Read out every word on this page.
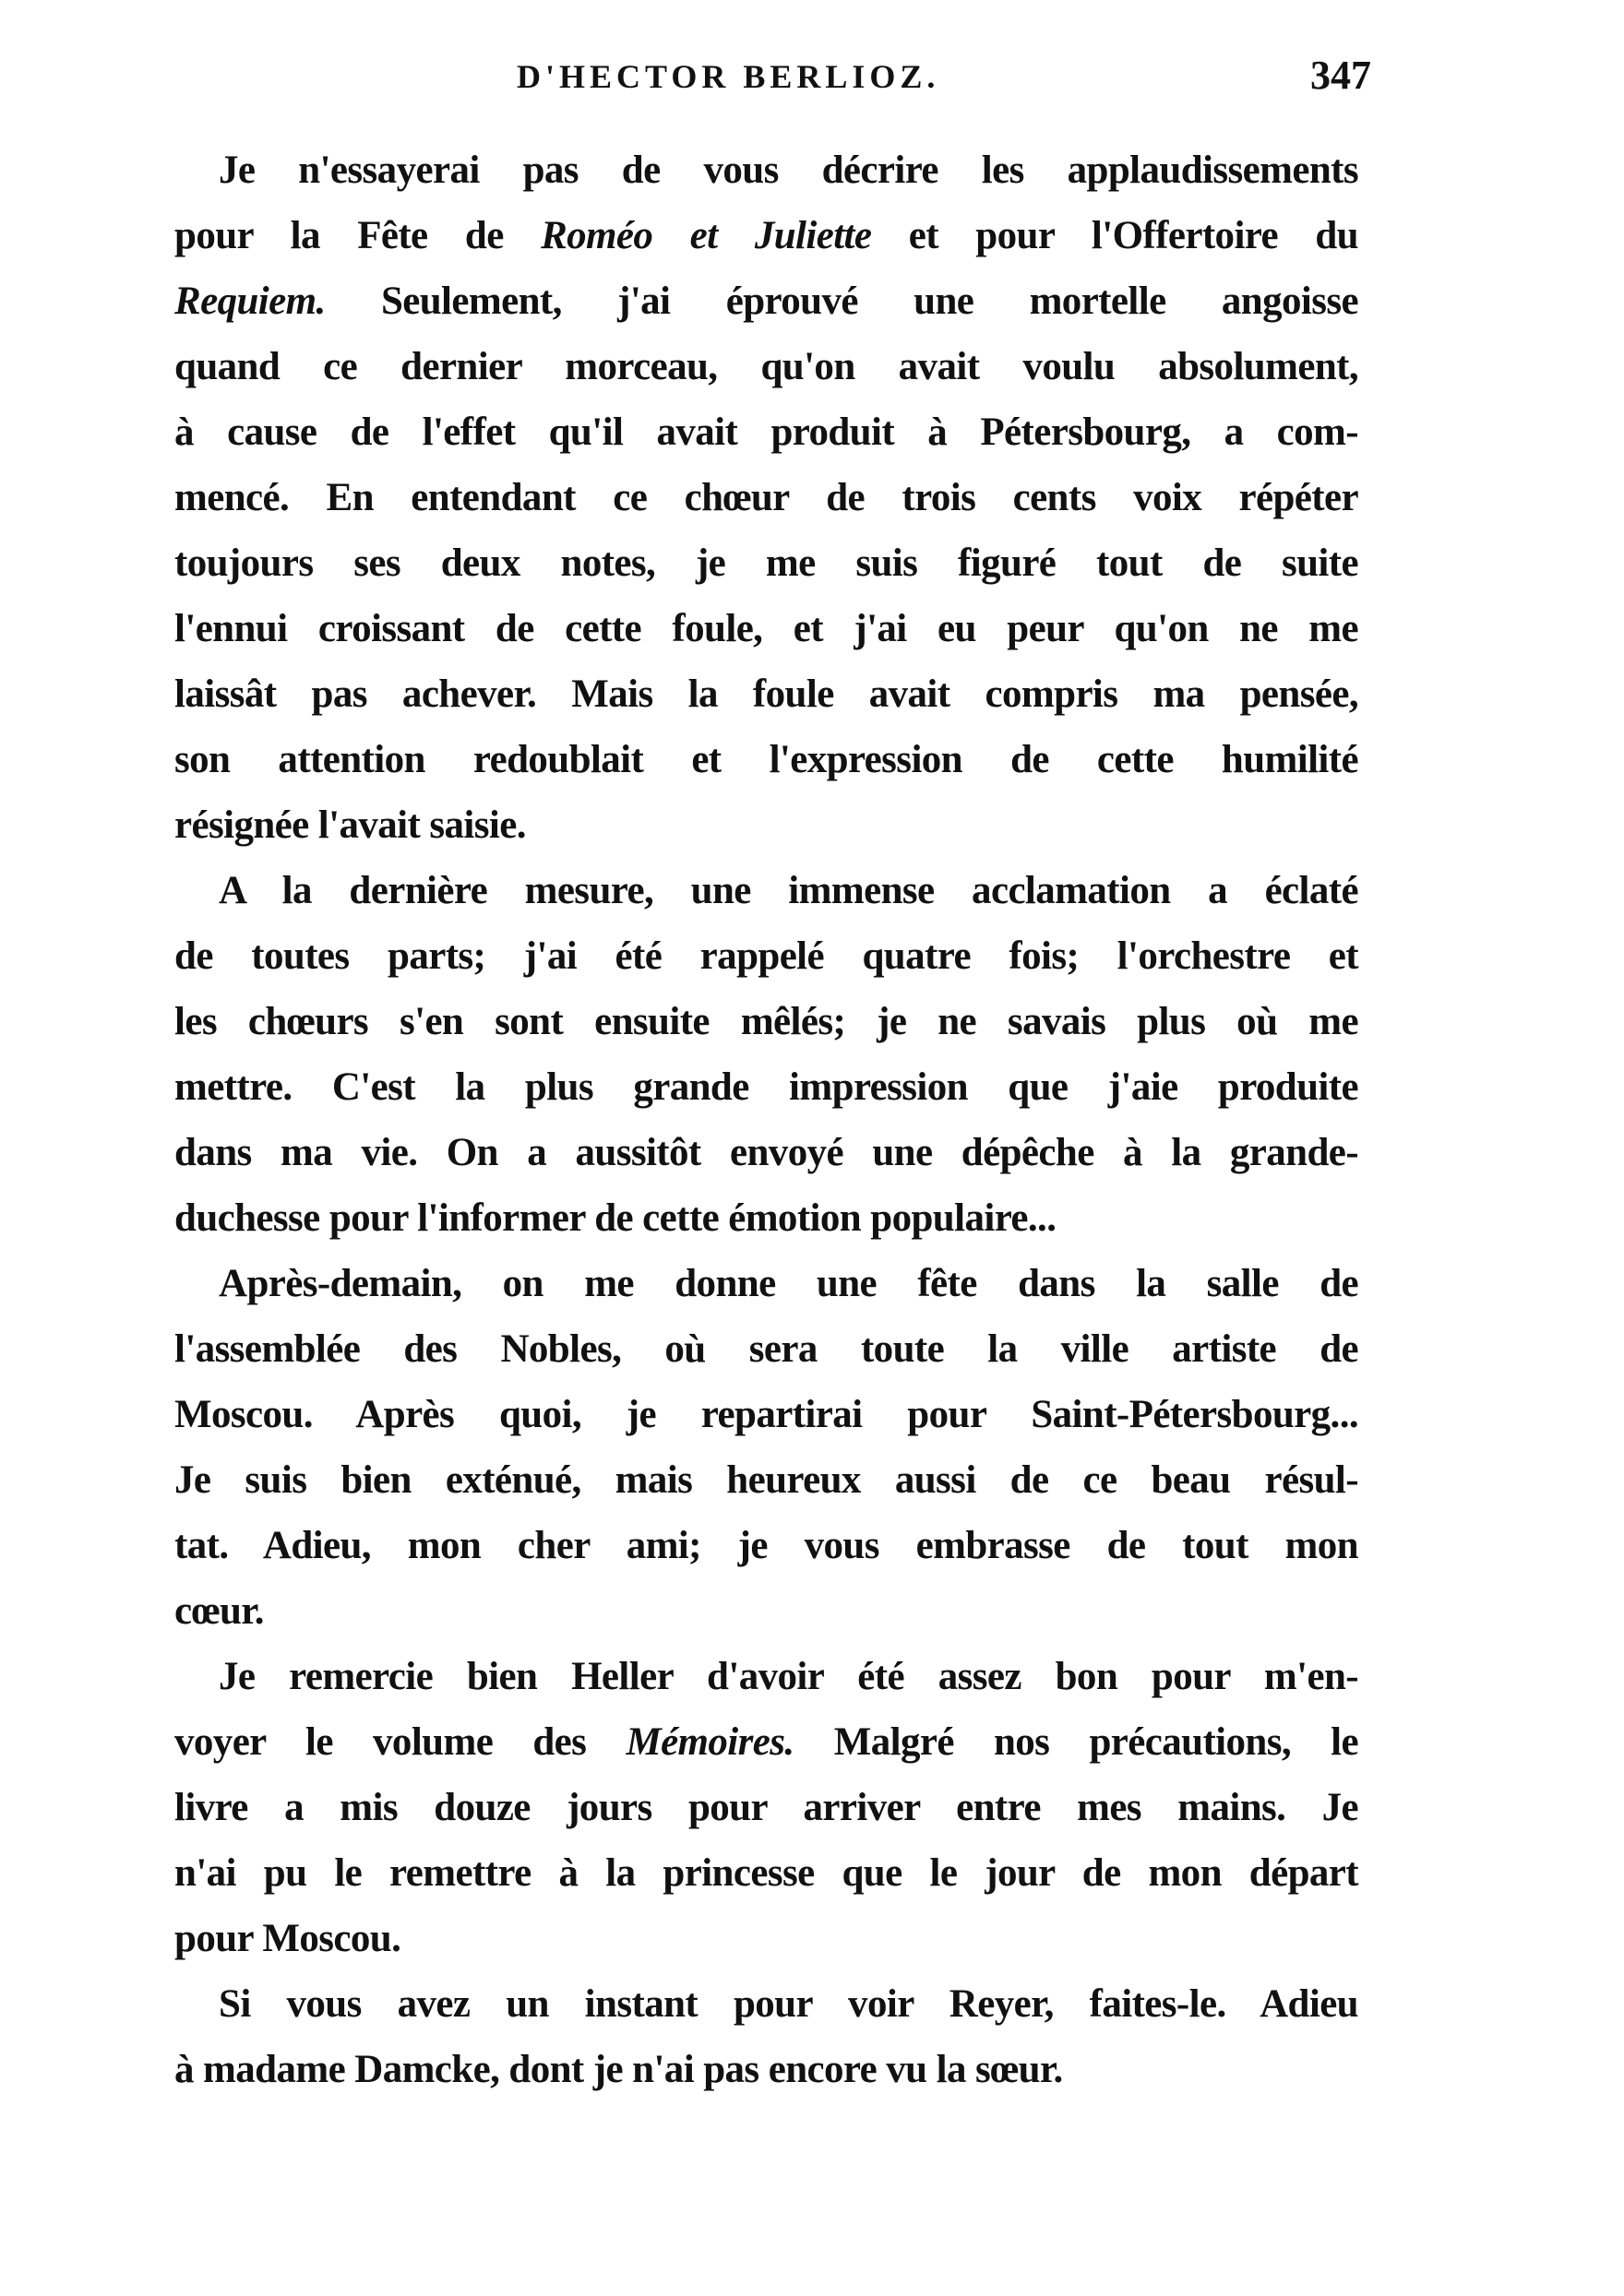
D'HECTOR BERLIOZ.	347
Je n'essayerai pas de vous décrire les applaudissements
pour la Fête de Roméo et Juliette et pour l'Offertoire du
Requiem. Seulement, j'ai éprouvé une mortelle angoisse
quand ce dernier morceau, qu'on avait voulu absolument,
à cause de l'effet qu'il avait produit à Pétersbourg, a com-
mencé. En entendant ce chœur de trois cents voix répéter
toujours ses deux notes, je me suis figuré tout de suite
l'ennui croissant de cette foule, et j'ai eu peur qu'on ne me
laissât pas achever. Mais la foule avait compris ma pensée,
son attention redoublait et l'expression de cette humilité
résignée l'avait saisie.
A la dernière mesure, une immense acclamation a éclaté
de toutes parts; j'ai été rappelé quatre fois; l'orchestre et
les chœurs s'en sont ensuite mêlés; je ne savais plus où me
mettre. C'est la plus grande impression que j'aie produite
dans ma vie. On a aussitôt envoyé une dépêche à la grande-
duchesse pour l'informer de cette émotion populaire...
Après-demain, on me donne une fête dans la salle de
l'assemblée des Nobles, où sera toute la ville artiste de
Moscou. Après quoi, je repartirai pour Saint-Pétersbourg...
Je suis bien exténué, mais heureux aussi de ce beau résul-
tat. Adieu, mon cher ami; je vous embrasse de tout mon
cœur.
Je remercie bien Heller d'avoir été assez bon pour m'en-
voyer le volume des Mémoires. Malgré nos précautions, le
livre a mis douze jours pour arriver entre mes mains. Je
n'ai pu le remettre à la princesse que le jour de mon départ
pour Moscou.
Si vous avez un instant pour voir Reyer, faites-le. Adieu
à madame Damcke, dont je n'ai pas encore vu la sœur.
